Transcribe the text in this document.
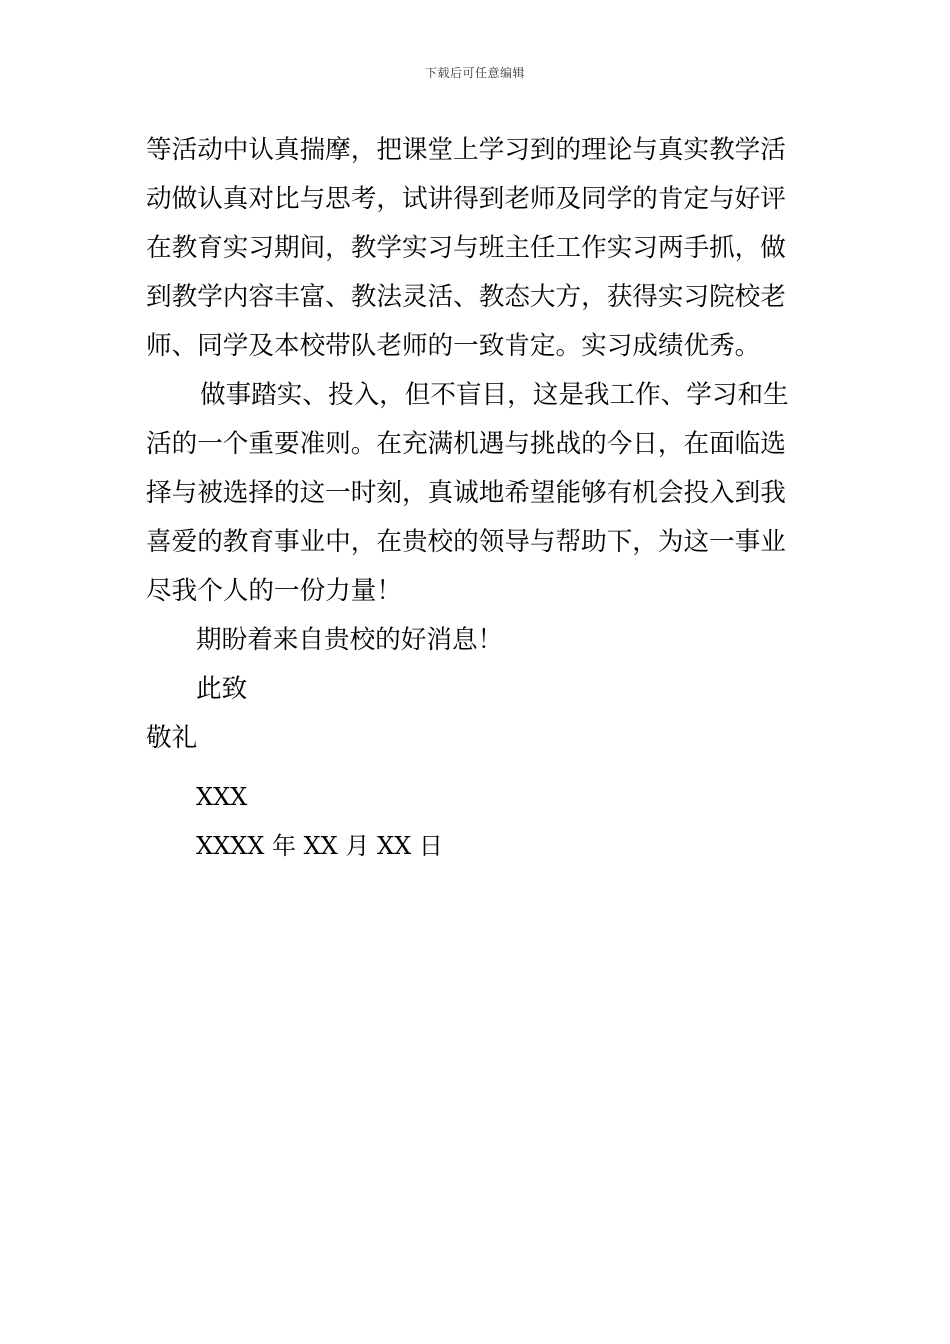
下载后可任意编辑
等活动中认真揣摩，把课堂上学习到的理论与真实教学活
动做认真对比与思考，试讲得到老师及同学的肯定与好评
在教育实习期间，教学实习与班主任工作实习两手抓，做
到教学内容丰富、教法灵活、教态大方，获得实习院校老
师、同学及本校带队老师的一致肯定。实习成绩优秀。
做事踏实、投入，但不盲目，这是我工作、学习和生
活的一个重要准则。在充满机遇与挑战的今日，在面临选
择与被选择的这一时刻，真诚地希望能够有机会投入到我
喜爱的教育事业中，在贵校的领导与帮助下，为这一事业
尽我个人的一份力量！
期盼着来自贵校的好消息！
此致
敬礼
XXX
XXXX 年 XX 月 XX 日
